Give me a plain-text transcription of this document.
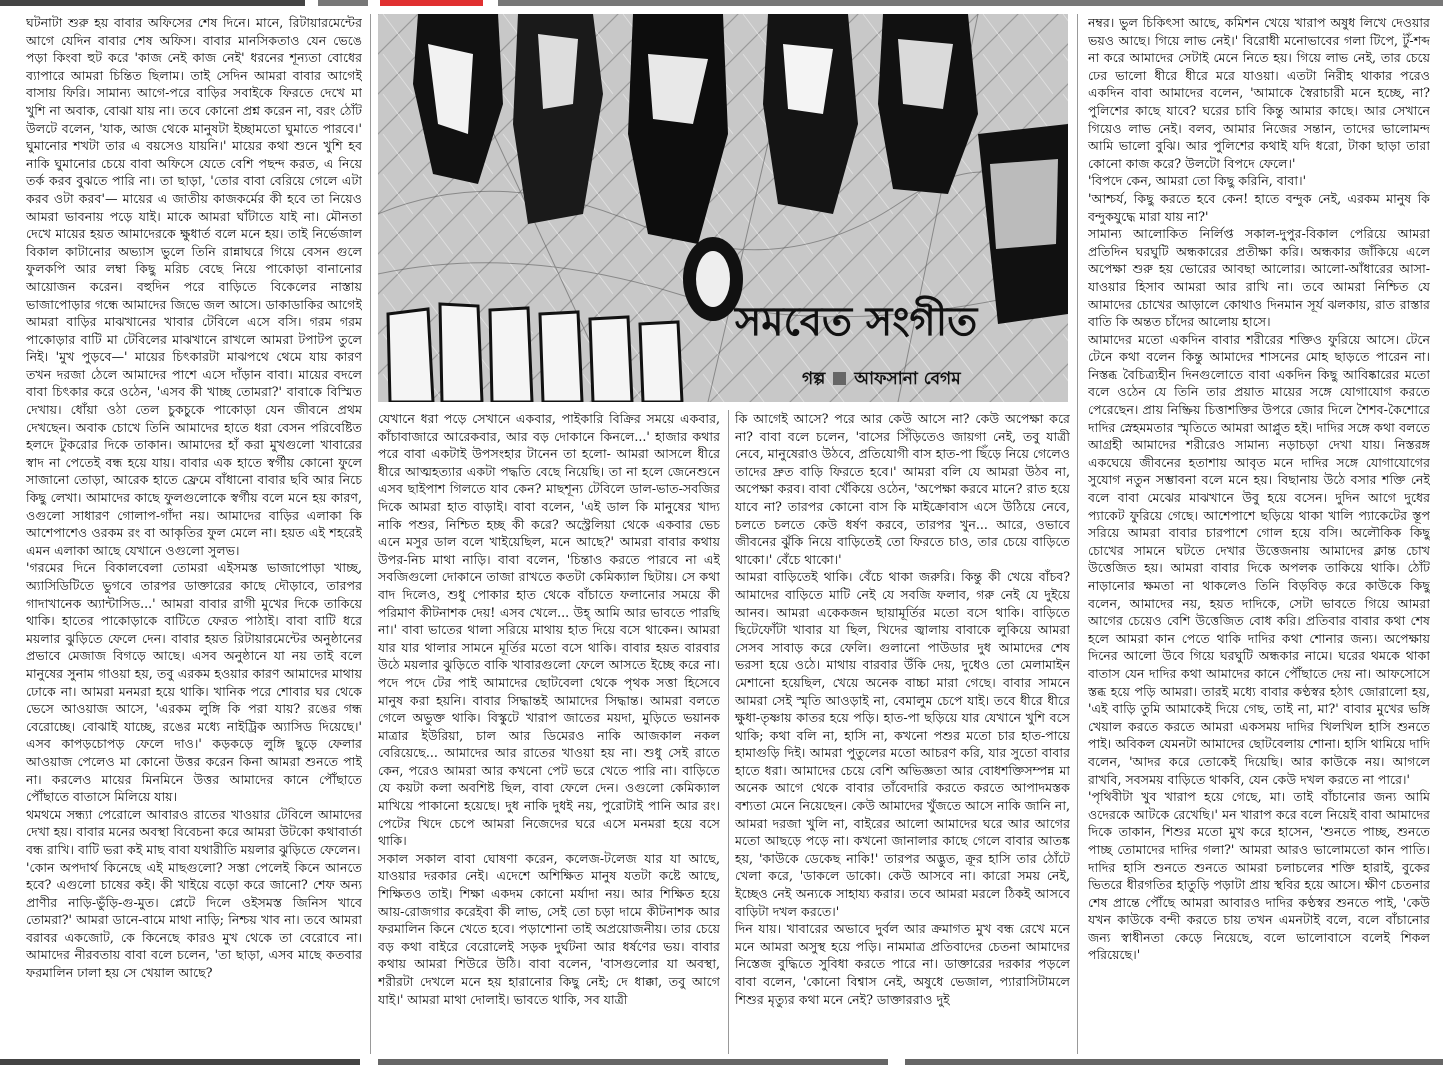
ঘটনাটা শুরু হয় বাবার অফিসের শেষ দিনে। মানে, রিটায়ারমেন্টের আগে যেদিন বাবার শেষ অফিস। বাবার মানসিকতাও যেন ভেঙে পড়া কিংবা হুট করে 'কাজ নেই কাজ নেই' ধরনের শূন্যতা বোধের ব্যাপারে আমরা চিন্তিত ছিলাম। তাই সেদিন আমরা বাবার আগেই বাসায় ফিরি। সামান্য আগে-পরে বাড়ির সবাইকে ফিরতে দেখে মা খুশি না অবাক, বোঝা যায় না। তবে কোনো প্রশ্ন করেন না, বরং ঠোঁট উলটে বলেন, 'যাক, আজ থেকে মানুষটা ইচ্ছামতো ঘুমাতে পারবে।' ঘুমানোর শখটা তার এ বয়সেও যায়নি।' মায়ের কথা শুনে খুশি হব নাকি ঘুমানোর চেয়ে বাবা অফিসে যেতে বেশি পছন্দ করত, এ নিয়ে তর্ক করব বুঝতে পারি না। তা ছাড়া, 'তোর বাবা বেরিয়ে গেলে এটা করব ওটা করব'— মায়ের এ জাতীয় কাজকর্মের কী হবে তা নিয়েও আমরা ভাবনায় পড়ে যাই। মাকে আমরা ঘাঁটাতে যাই না। মৌনতা দেখে মায়ের হয়ত আমাদেরকে ক্ষুধার্ত বলে মনে হয়। তাই নির্ভেজাল বিকাল কাটানোর অভ্যাস ভুলে তিনি রান্নাঘরে গিয়ে বেসন গুলে ফুলকপি আর লম্বা কিছু মরিচ বেছে নিয়ে পাকোড়া বানানোর আয়োজন করেন। বহুদিন পরে বাড়িতে বিকেলের নাস্তায় ভাজাপোড়ার গন্ধে আমাদের জিভে জল আসে। ডাকাডাকির আগেই আমরা বাড়ির মাঝখানের খাবার টেবিলে এসে বসি। গরম গরম পাকোড়ার বাটি মা টেবিলের মাঝখানে রাখলে আমরা টপাটপ তুলে নিই। 'মুখ পুড়বে—' মায়ের চিৎকারটা মাঝপথে থেমে যায় কারণ তখন দরজা ঠেলে আমাদের পাশে এসে দাঁড়ান বাবা। মায়ের বদলে বাবা চিৎকার করে ওঠেন, 'এসব কী খাচ্ছ তোমরা?' বাবাকে বিস্মিত দেখায়। ধোঁয়া ওঠা তেল চুকচুকে পাকোড়া যেন জীবনে প্রথম দেখছেন। অবাক চোখে তিনি আমাদের হাতে ধরা বেসন পরিবেষ্টিত হলদে টুকরোর দিকে তাকান। আমাদের হাঁ করা মুখগুলো খাবারের স্বাদ না পেতেই বন্ধ হয়ে যায়। বাবার এক হাতে স্বর্গীয় কোনো ফুলে সাজানো তোড়া, আরেক হাতে ফ্রেমে বাঁধানো বাবার ছবি আর নিচে কিছু লেখা। আমাদের কাছে ফুলগুলোকে স্বর্গীয় বলে মনে হয় কারণ, ওগুলো সাধারণ গোলাপ-গাঁদা নয়। আমাদের বাড়ির এলাকা কি আশেপাশেও ওরকম রং বা আকৃতির ফুল মেলে না। হয়ত এই শহরেই এমন এলাকা আছে যেখানে ওগুলো সুলভ।

'গরমের দিনে বিকালবেলা তোমরা এইসমস্ত ভাজাপোড়া খাচ্ছ, অ্যাসিডিটিতে ভুগবে তারপর ডাক্তারের কাছে দৌড়াবে, তারপর গাদাখানেক অ্যান্টাসিড...' আমরা বাবার রাগী মুখের দিকে তাকিয়ে থাকি। হাতের পাকোড়াকে বাটিতে ফেরত পাঠাই। বাবা বাটি ধরে ময়লার ঝুড়িতে ফেলে দেন। বাবার হয়ত রিটায়ারমেন্টের অনুষ্ঠানের প্রভাবে মেজাজ বিগড়ে আছে। এসব অনুষ্ঠানে যা নয় তাই বলে মানুষের সুনাম গাওয়া হয়, তবু এরকম হওয়ার কারণ আমাদের মাথায় ঢোকে না। আমরা মনমরা হয়ে থাকি। খানিক পরে শোবার ঘর থেকে ভেসে আওয়াজ আসে, 'এরকম লুঙ্গি কি পরা যায়? রঙের গন্ধ বেরোচ্ছে। বোঝাই যাচ্ছে, রঙের মধ্যে নাইট্রিক অ্যাসিড দিয়েছে।' এসব কাপড়চোপড় ফেলে দাও।' কড়কড়ে লুঙ্গি ছুড়ে ফেলার আওয়াজ পেলেও মা কোনো উত্তর করেন কিনা আমরা শুনতে পাই না। করলেও মায়ের মিনমিনে উত্তর আমাদের কানে পৌঁছাতে পৌঁছাতে বাতাসে মিলিয়ে যায়।

থমথমে সন্ধ্যা পেরোলে আবারও রাতের খাওয়ার টেবিলে আমাদের দেখা হয়। বাবার মনের অবস্থা বিবেচনা করে আমরা উটকো কথাবার্তা বন্ধ রাখি। বাটি ভরা কই মাছ বাবা যথারীতি ময়লার ঝুড়িতে ফেলেন।

'কোন অপদার্থ কিনেছে এই মাছগুলো? সস্তা পেলেই কিনে আনতে হবে? এগুলো চাষের কই। কী খাইয়ে বড়ো করে জানো? শেফ অন্য প্রাণীর নাড়ি-ভুঁড়ি-গু-মুত। প্লেটে দিলে ওইসমস্ত জিনিস খাবে তোমরা?' আমরা ডানে-বামে মাথা নাড়ি; নিশ্চয় খাব না। তবে আমরা বরাবর একজোট, কে কিনেছে কারও মুখ থেকে তা বেরোবে না। আমাদের নীরবতায় বাবা বলে চলেন, 'তা ছাড়া, এসব মাছে কতবার ফরমালিন ঢালা হয় সে খেয়াল আছে?

সমবেত সংগীত
গল্প আফসানা বেগম

যেখানে ধরা পড়ে সেখানে একবার, পাইকারি বিক্রির সময়ে একবার, কাঁচাবাজারে আরেকবার, আর বড় দোকানে কিনলে...' হাজার কথার পরে বাবা একটাই উপসংহার টানেন তা হলো- আমরা আসলে ধীরে ধীরে আত্মহত্যার একটা পদ্ধতি বেছে নিয়েছি। তা না হলে জেনেশুনে এসব ছাইপাশ গিলতে যাব কেন? মাছশূন্য টেবিলে ডাল-ভাত-সবজির দিকে আমরা হাত বাড়াই। বাবা বলেন, 'এই ডাল কি মানুষের খাদ্য নাকি পশুর, নিশ্চিত হচ্ছ কী করে? অস্ট্রেলিয়া থেকে একবার ভেচ এনে মসুর ডাল বলে খাইয়েছিল, মনে আছে?' আমরা বাবার কথায় উপর-নিচ মাথা নাড়ি। বাবা বলেন, 'চিন্তাও করতে পারবে না এই সবজিগুলো দোকানে তাজা রাখতে কতটা কেমিক্যাল ছিটায়। সে কথা বাদ দিলেও, শুধু পোকার হাত থেকে বাঁচাতে ফলানোর সময়ে কী পরিমাণ কীটনাশক দেয়! এসব খেলে... উহ্ আমি আর ভাবতে পারছি না।' বাবা ভাতের থালা সরিয়ে মাথায় হাত দিয়ে বসে থাকেন। আমরা যার যার থালার সামনে মূর্তির মতো বসে থাকি। বাবার হয়ত বারবার উঠে ময়লার ঝুড়িতে বাকি খাবারগুলো ফেলে আসতে ইচ্ছে করে না। পদে পদে টের পাই আমাদের ছোটবেলা থেকে পৃথক সত্তা হিসেবে মানুষ করা হয়নি। বাবার সিদ্ধান্তই আমাদের সিদ্ধান্ত। আমরা বলতে গেলে অভুক্ত থাকি। বিস্কুটে খারাপ জাতের ময়দা, মুড়িতে ভয়ানক মাত্রার ইউরিয়া, চাল আর ডিমেরও নাকি আজকাল নকল বেরিয়েছে... আমাদের আর রাতের খাওয়া হয় না। শুধু সেই রাতে কেন, পরেও আমরা আর কখনো পেট ভরে খেতে পারি না। বাড়িতে যে কয়টা কলা অবশিষ্ট ছিল, বাবা ফেলে দেন। ওগুলো কেমিক্যাল মাখিয়ে পাকানো হয়েছে। দুধ নাকি দুধই নয়, পুরোটাই পানি আর রং। পেটের খিদে চেপে আমরা নিজেদের ঘরে এসে মনমরা হয়ে বসে থাকি।

সকাল সকাল বাবা ঘোষণা করেন, কলেজ-টলেজ যার যা আছে, যাওয়ার দরকার নেই। এদেশে অশিক্ষিত মানুষ যতটা কষ্টে আছে, শিক্ষিতও তাই। শিক্ষা একদম কোনো মর্যাদা নয়। আর শিক্ষিত হয়ে আয়-রোজগার করেইবা কী লাভ, সেই তো চড়া দামে কীটনাশক আর ফরমালিন কিনে খেতে হবে। পড়াশোনা তাই অপ্রয়োজনীয়। তার চেয়ে বড় কথা বাইরে বেরোলেই সড়ক দুর্ঘটনা আর ধর্ষণের ভয়। বাবার কথায় আমরা শিউরে উঠি। বাবা বলেন, 'বাসগুলোর যা অবস্থা, শরীরটা দেখলে মনে হয় হারানোর কিছু নেই; দে ধাক্কা, তবু আগে যাই।' আমরা মাথা দোলাই। ভাবতে থাকি, সব যাত্রী

কি আগেই আসে? পরে আর কেউ আসে না? কেউ অপেক্ষা করে না? বাবা বলে চলেন, 'বাসের সিঁড়িতেও জায়গা নেই, তবু যাত্রী নেবে, মানুষেরাও উঠবে, প্রতিযোগী বাস হাত-পা ছিঁড়ে নিয়ে গেলেও তাদের দ্রুত বাড়ি ফিরতে হবে।' আমরা বলি যে আমরা উঠব না, অপেক্ষা করব। বাবা খেঁকিয়ে ওঠেন, 'অপেক্ষা করবে মানে? রাত হয়ে যাবে না? তারপর কোনো বাস কি মাইক্রোবাস এসে উঠিয়ে নেবে, চলতে চলতে কেউ ধর্ষণ করবে, তারপর খুন... আরে, ওভাবে জীবনের ঝুঁকি নিয়ে বাড়িতেই তো ফিরতে চাও, তার চেয়ে বাড়িতে থাকো।' বেঁচে থাকো।'

আমরা বাড়িতেই থাকি। বেঁচে থাকা জরুরি। কিন্তু কী খেয়ে বাঁচব? আমাদের বাড়িতে মাটি নেই যে সবজি ফলাব, গরু নেই যে দুইয়ে আনব। আমরা একেকজন ছায়ামূর্তির মতো বসে থাকি। বাড়িতে ছিটেফোঁটা খাবার যা ছিল, খিদের জ্বালায় বাবাকে লুকিয়ে আমরা সেসব সাবাড় করে ফেলি। গুলানো পাউডার দুধ আমাদের শেষ ভরসা হয়ে ওঠে। মাথায় বারবার উঁকি দেয়, দুধেও তো মেলামাইন মেশানো হয়েছিল, খেয়ে অনেক বাচ্চা মারা গেছে। বাবার সামনে আমরা সেই স্মৃতি আওড়াই না, বেমালুম চেপে যাই। তবে ধীরে ধীরে ক্ষুধা-তৃষ্ণায় কাতর হয়ে পড়ি। হাত-পা ছড়িয়ে যার যেখানে খুশি বসে থাকি; কথা বলি না, হাসি না, কখনো পশুর মতো চার হাত-পায়ে হামাগুড়ি দিই। আমরা পুতুলের মতো আচরণ করি, যার সুতো বাবার হাতে ধরা। আমাদের চেয়ে বেশি অভিজ্ঞতা আর বোধশক্তিসম্পন্ন মা অনেক আগে থেকে বাবার তাঁবেদারি করতে করতে আপাদমস্তক বশ্যতা মেনে নিয়েছেন। কেউ আমাদের খুঁজতে আসে নাকি জানি না, আমরা দরজা খুলি না, বাইরের আলো আমাদের ঘরে আর আগের মতো আছড়ে পড়ে না। কখনো জানালার কাছে গেলে বাবার আতঙ্ক হয়, 'কাউকে ডেকেছ নাকি!' তারপর অদ্ভুত, ক্রূর হাসি তার ঠোঁটে খেলা করে, 'ডাকলে ডাকো। কেউ আসবে না। কারো সময় নেই, ইচ্ছেও নেই অন্যকে সাহায্য করার। তবে আমরা মরলে ঠিকই আসবে বাড়িটা দখল করতে।'

দিন যায়। খাবারের অভাবে দুর্বল আর ক্রমাগত মুখ বন্ধ রেখে মনে মনে আমরা অসুস্থ হয়ে পড়ি। নামমাত্র প্রতিবাদের চেতনা আমাদের নিস্তেজ বুদ্ধিতে সুবিধা করতে পারে না। ডাক্তারের দরকার পড়লে বাবা বলেন, 'কোনো বিশ্বাস নেই, অষুধে ভেজাল, প্যারাসিটামলে শিশুর মৃত্যুর কথা মনে নেই? ডাক্তাররাও দুই

নম্বর। ভুল চিকিৎসা আছে, কমিশন খেয়ে খারাপ অষুধ লিখে দেওয়ার ভয়ও আছে। গিয়ে লাভ নেই।' বিরোধী মনোভাবের গলা টিপে, টুঁ-শব্দ না করে আমাদের সেটাই মেনে নিতে হয়। গিয়ে লাভ নেই, তার চেয়ে ঢের ভালো ধীরে ধীরে মরে যাওয়া। এতটা নিরীহ থাকার পরেও একদিন বাবা আমাদের বলেন, 'আমাকে স্বৈরাচারী মনে হচ্ছে, না? পুলিশের কাছে যাবে? ঘরের চাবি কিন্তু আমার কাছে। আর সেখানে গিয়েও লাভ নেই। বলব, আমার নিজের সন্তান, তাদের ভালোমন্দ আমি ভালো বুঝি। আর পুলিশের কথাই যদি ধরো, টাকা ছাড়া তারা কোনো কাজ করে? উলটো বিপদে ফেলে।'

'বিপদে কেন, আমরা তো কিছু করিনি, বাবা।'

'আশ্চর্য, কিছু করতে হবে কেন! হাতে বন্দুক নেই, এরকম মানুষ কি বন্দুকযুদ্ধে মারা যায় না?'

সামান্য আলোকিত নির্লিপ্ত সকাল-দুপুর-বিকাল পেরিয়ে আমরা প্রতিদিন ঘরঘুটি অন্ধকারের প্রতীক্ষা করি। অন্ধকার জাঁকিয়ে এলে অপেক্ষা শুরু হয় ভোরের আবছা আলোর। আলো-আঁধারের আসা-যাওয়ার হিসাব আমরা আর রাখি না। তবে আমরা নিশ্চিত যে আমাদের চোখের আড়ালে কোথাও দিনমান সূর্য ঝলকায়, রাত রাস্তার বাতি কি অন্তত চাঁদের আলোয় হাসে।

আমাদের মতো একদিন বাবার শরীরের শক্তিও ফুরিয়ে আসে। টেনে টেনে কথা বলেন কিন্তু আমাদের শাসনের মোহ ছাড়তে পারেন না। নিস্তব্ধ বৈচিত্র্যহীন দিনগুলোতে বাবা একদিন কিছু আবিষ্কারের মতো বলে ওঠেন যে তিনি তার প্রয়াত মায়ের সঙ্গে যোগাযোগ করতে পেরেছেন। প্রায় নিষ্ক্রিয় চিত্তাশক্তির উপরে জোর দিলে শৈশব-কৈশোরে দাদির স্নেহমমতার স্মৃতিতে আমরা আপ্লুত হই। দাদির সঙ্গে কথা বলতে আগ্রহী আমাদের শরীরেও সামান্য নড়াচড়া দেখা যায়। নিস্তরঙ্গ একঘেয়ে জীবনের হতাশায় আবৃত মনে দাদির সঙ্গে যোগাযোগের সুযোগ নতুন সম্ভাবনা বলে মনে হয়। বিছানায় উঠে বসার শক্তি নেই বলে বাবা মেঝের মাঝখানে উবু হয়ে বসেন। দুদিন আগে দুধের প্যাকেট ফুরিয়ে গেছে। আশেপাশে ছড়িয়ে থাকা খালি প্যাকেটের স্তূপ সরিয়ে আমরা বাবার চারপাশে গোল হয়ে বসি। অলৌকিক কিছু চোখের সামনে ঘটতে দেখার উত্তেজনায় আমাদের ক্লান্ত চোখ উত্তেজিত হয়। আমরা বাবার দিকে অপলক তাকিয়ে থাকি। ঠোঁট নাড়ানোর ক্ষমতা না থাকলেও তিনি বিড়বিড় করে কাউকে কিছু বলেন, আমাদের নয়, হয়ত দাদিকে, সেটা ভাবতে গিয়ে আমরা আগের চেয়েও বেশি উত্তেজিত বোধ করি। প্রতিবার বাবার কথা শেষ হলে আমরা কান পেতে থাকি দাদির কথা শোনার জন্য। অপেক্ষায় দিনের আলো উবে গিয়ে ঘরঘুটি অন্ধকার নামে। ঘরের থমকে থাকা বাতাস যেন দাদির কথা আমাদের কানে পৌঁছাতে দেয় না। আফসোসে স্তব্ধ হয়ে পড়ি আমরা। তারই মধ্যে বাবার কণ্ঠস্বর হঠাৎ জোরালো হয়, 'এই বাড়ি তুমি আমাকেই দিয়ে গেছ, তাই না, মা?' বাবার মুখের ভঙ্গি খেয়াল করতে করতে আমরা একসময় দাদির খিলখিল হাসি শুনতে পাই। অবিকল যেমনটা আমাদের ছোটবেলায় শোনা। হাসি থামিয়ে দাদি বলেন, 'আদর করে তোকেই দিয়েছি। আর কাউকে নয়। আগলে রাখবি, সবসময় বাড়িতে থাকবি, যেন কেউ দখল করতে না পারে।'

'পৃথিবীটা খুব খারাপ হয়ে গেছে, মা। তাই বাঁচানোর জন্য আমি ওদেরকে আটকে রেখেছি।' মন খারাপ করে বলে নিয়েই বাবা আমাদের দিকে তাকান, শিশুর মতো মুখ করে হাসেন, 'শুনতে পাচ্ছ, শুনতে পাচ্ছ তোমাদের দাদির গলা?' আমরা আরও ভালোমতো কান পাতি। দাদির হাসি শুনতে শুনতে আমরা চলাচলের শক্তি হারাই, বুকের ভিতরে ধীরগতির হাতুড়ি পড়াটা প্রায় স্থবির হয়ে আসে। ক্ষীণ চেতনার শেষ প্রান্তে পৌঁছে আমরা আবারও দাদির কণ্ঠস্বর শুনতে পাই, 'কেউ যখন কাউকে বন্দী করতে চায় তখন এমনটাই বলে, বলে বাঁচানোর জন্য স্বাধীনতা কেড়ে নিয়েছে, বলে ভালোবাসে বলেই শিকল পরিয়েছে।'
